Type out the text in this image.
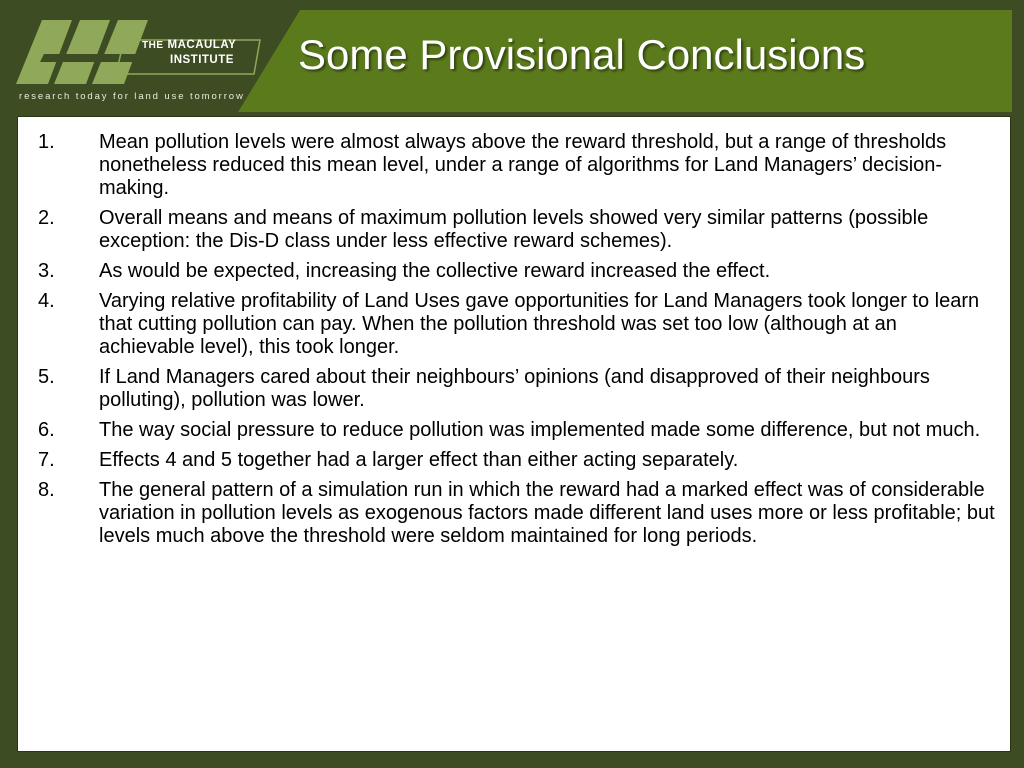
THE MACAULAY
INSTITUTE
research today for land use tomorrow
Some Provisional Conclusions
1. Mean pollution levels were almost always above the reward threshold, but a range of thresholds nonetheless reduced this mean level, under a range of algorithms for Land Managers’ decision-making.
2. Overall means and means of maximum pollution levels showed very similar patterns (possible exception: the Dis-D class under less effective reward schemes).
3. As would be expected, increasing the collective reward increased the effect.
4. Varying relative profitability of Land Uses gave opportunities for Land Managers took longer to learn that cutting pollution can pay. When the pollution threshold was set too low (although at an achievable level), this took longer.
5. If Land Managers cared about their neighbours’ opinions (and disapproved of their neighbours polluting), pollution was lower.
6. The way social pressure to reduce pollution was implemented made some difference, but not much.
7. Effects 4 and 5 together had a larger effect than either acting separately.
8. The general pattern of a simulation run in which the reward had a marked effect was of considerable variation in pollution levels as exogenous factors made different land uses more or less profitable; but levels much above the threshold were seldom maintained for long periods.
